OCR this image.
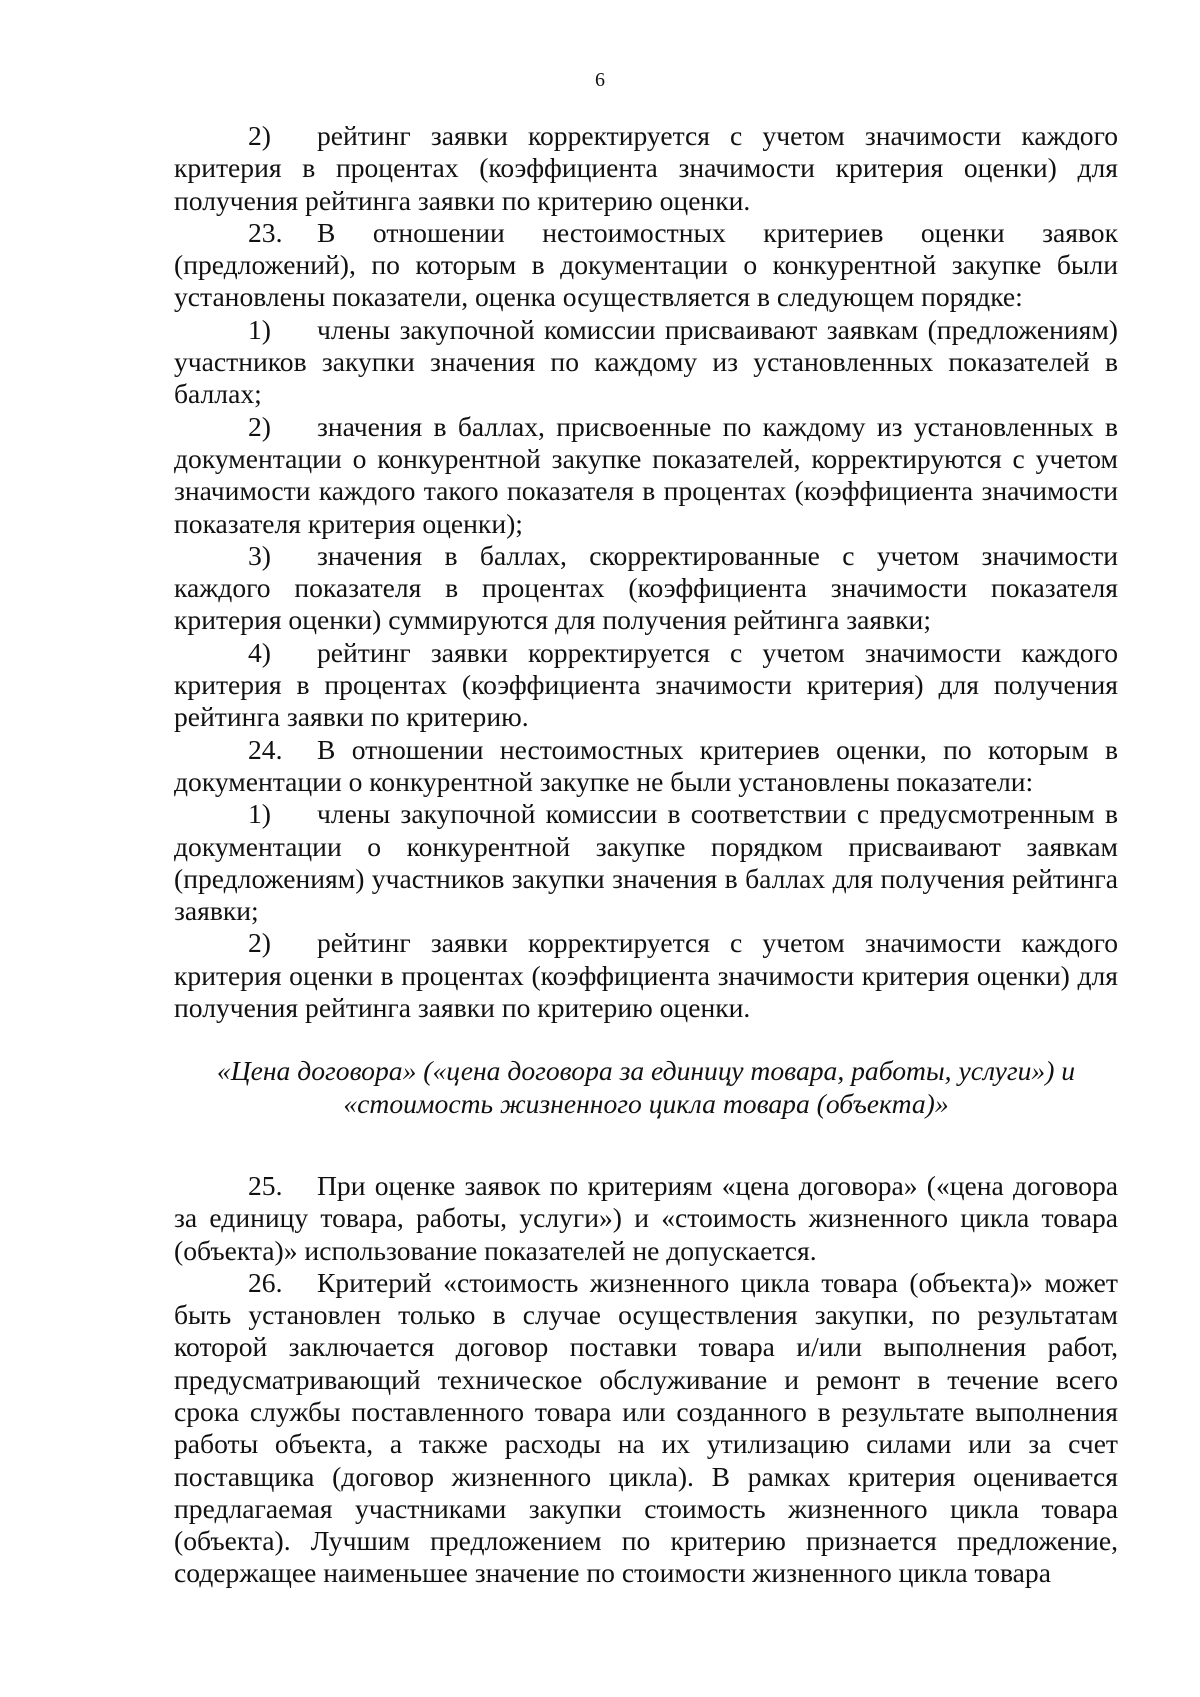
6

2) рейтинг заявки корректируется с учетом значимости каждого критерия в процентах (коэффициента значимости критерия оценки) для получения рейтинга заявки по критерию оценки.

23. В отношении нестоимостных критериев оценки заявок (предложений), по которым в документации о конкурентной закупке были установлены показатели, оценка осуществляется в следующем порядке:

1) члены закупочной комиссии присваивают заявкам (предложениям) участников закупки значения по каждому из установленных показателей в баллах;

2) значения в баллах, присвоенные по каждому из установленных в документации о конкурентной закупке показателей, корректируются с учетом значимости каждого такого показателя в процентах (коэффициента значимости показателя критерия оценки);

3) значения в баллах, скорректированные с учетом значимости каждого показателя в процентах (коэффициента значимости показателя критерия оценки) суммируются для получения рейтинга заявки;

4) рейтинг заявки корректируется с учетом значимости каждого критерия в процентах (коэффициента значимости критерия) для получения рейтинга заявки по критерию.

24. В отношении нестоимостных критериев оценки, по которым в документации о конкурентной закупке не были установлены показатели:

1) члены закупочной комиссии в соответствии с предусмотренным в документации о конкурентной закупке порядком присваивают заявкам (предложениям) участников закупки значения в баллах для получения рейтинга заявки;

2) рейтинг заявки корректируется с учетом значимости каждого критерия оценки в процентах (коэффициента значимости критерия оценки) для получения рейтинга заявки по критерию оценки.

«Цена договора» («цена договора за единицу товара, работы, услуги») и
«стоимость жизненного цикла товара (объекта)»

25. При оценке заявок по критериям «цена договора» («цена договора за единицу товара, работы, услуги») и «стоимость жизненного цикла товара (объекта)» использование показателей не допускается.

26. Критерий «стоимость жизненного цикла товара (объекта)» может быть установлен только в случае осуществления закупки, по результатам которой заключается договор поставки товара и/или выполнения работ, предусматривающий техническое обслуживание и ремонт в течение всего срока службы поставленного товара или созданного в результате выполнения работы объекта, а также расходы на их утилизацию силами или за счет поставщика (договор жизненного цикла). В рамках критерия оценивается предлагаемая участниками закупки стоимость жизненного цикла товара (объекта). Лучшим предложением по критерию признается предложение, содержащее наименьшее значение по стоимости жизненного цикла товара
